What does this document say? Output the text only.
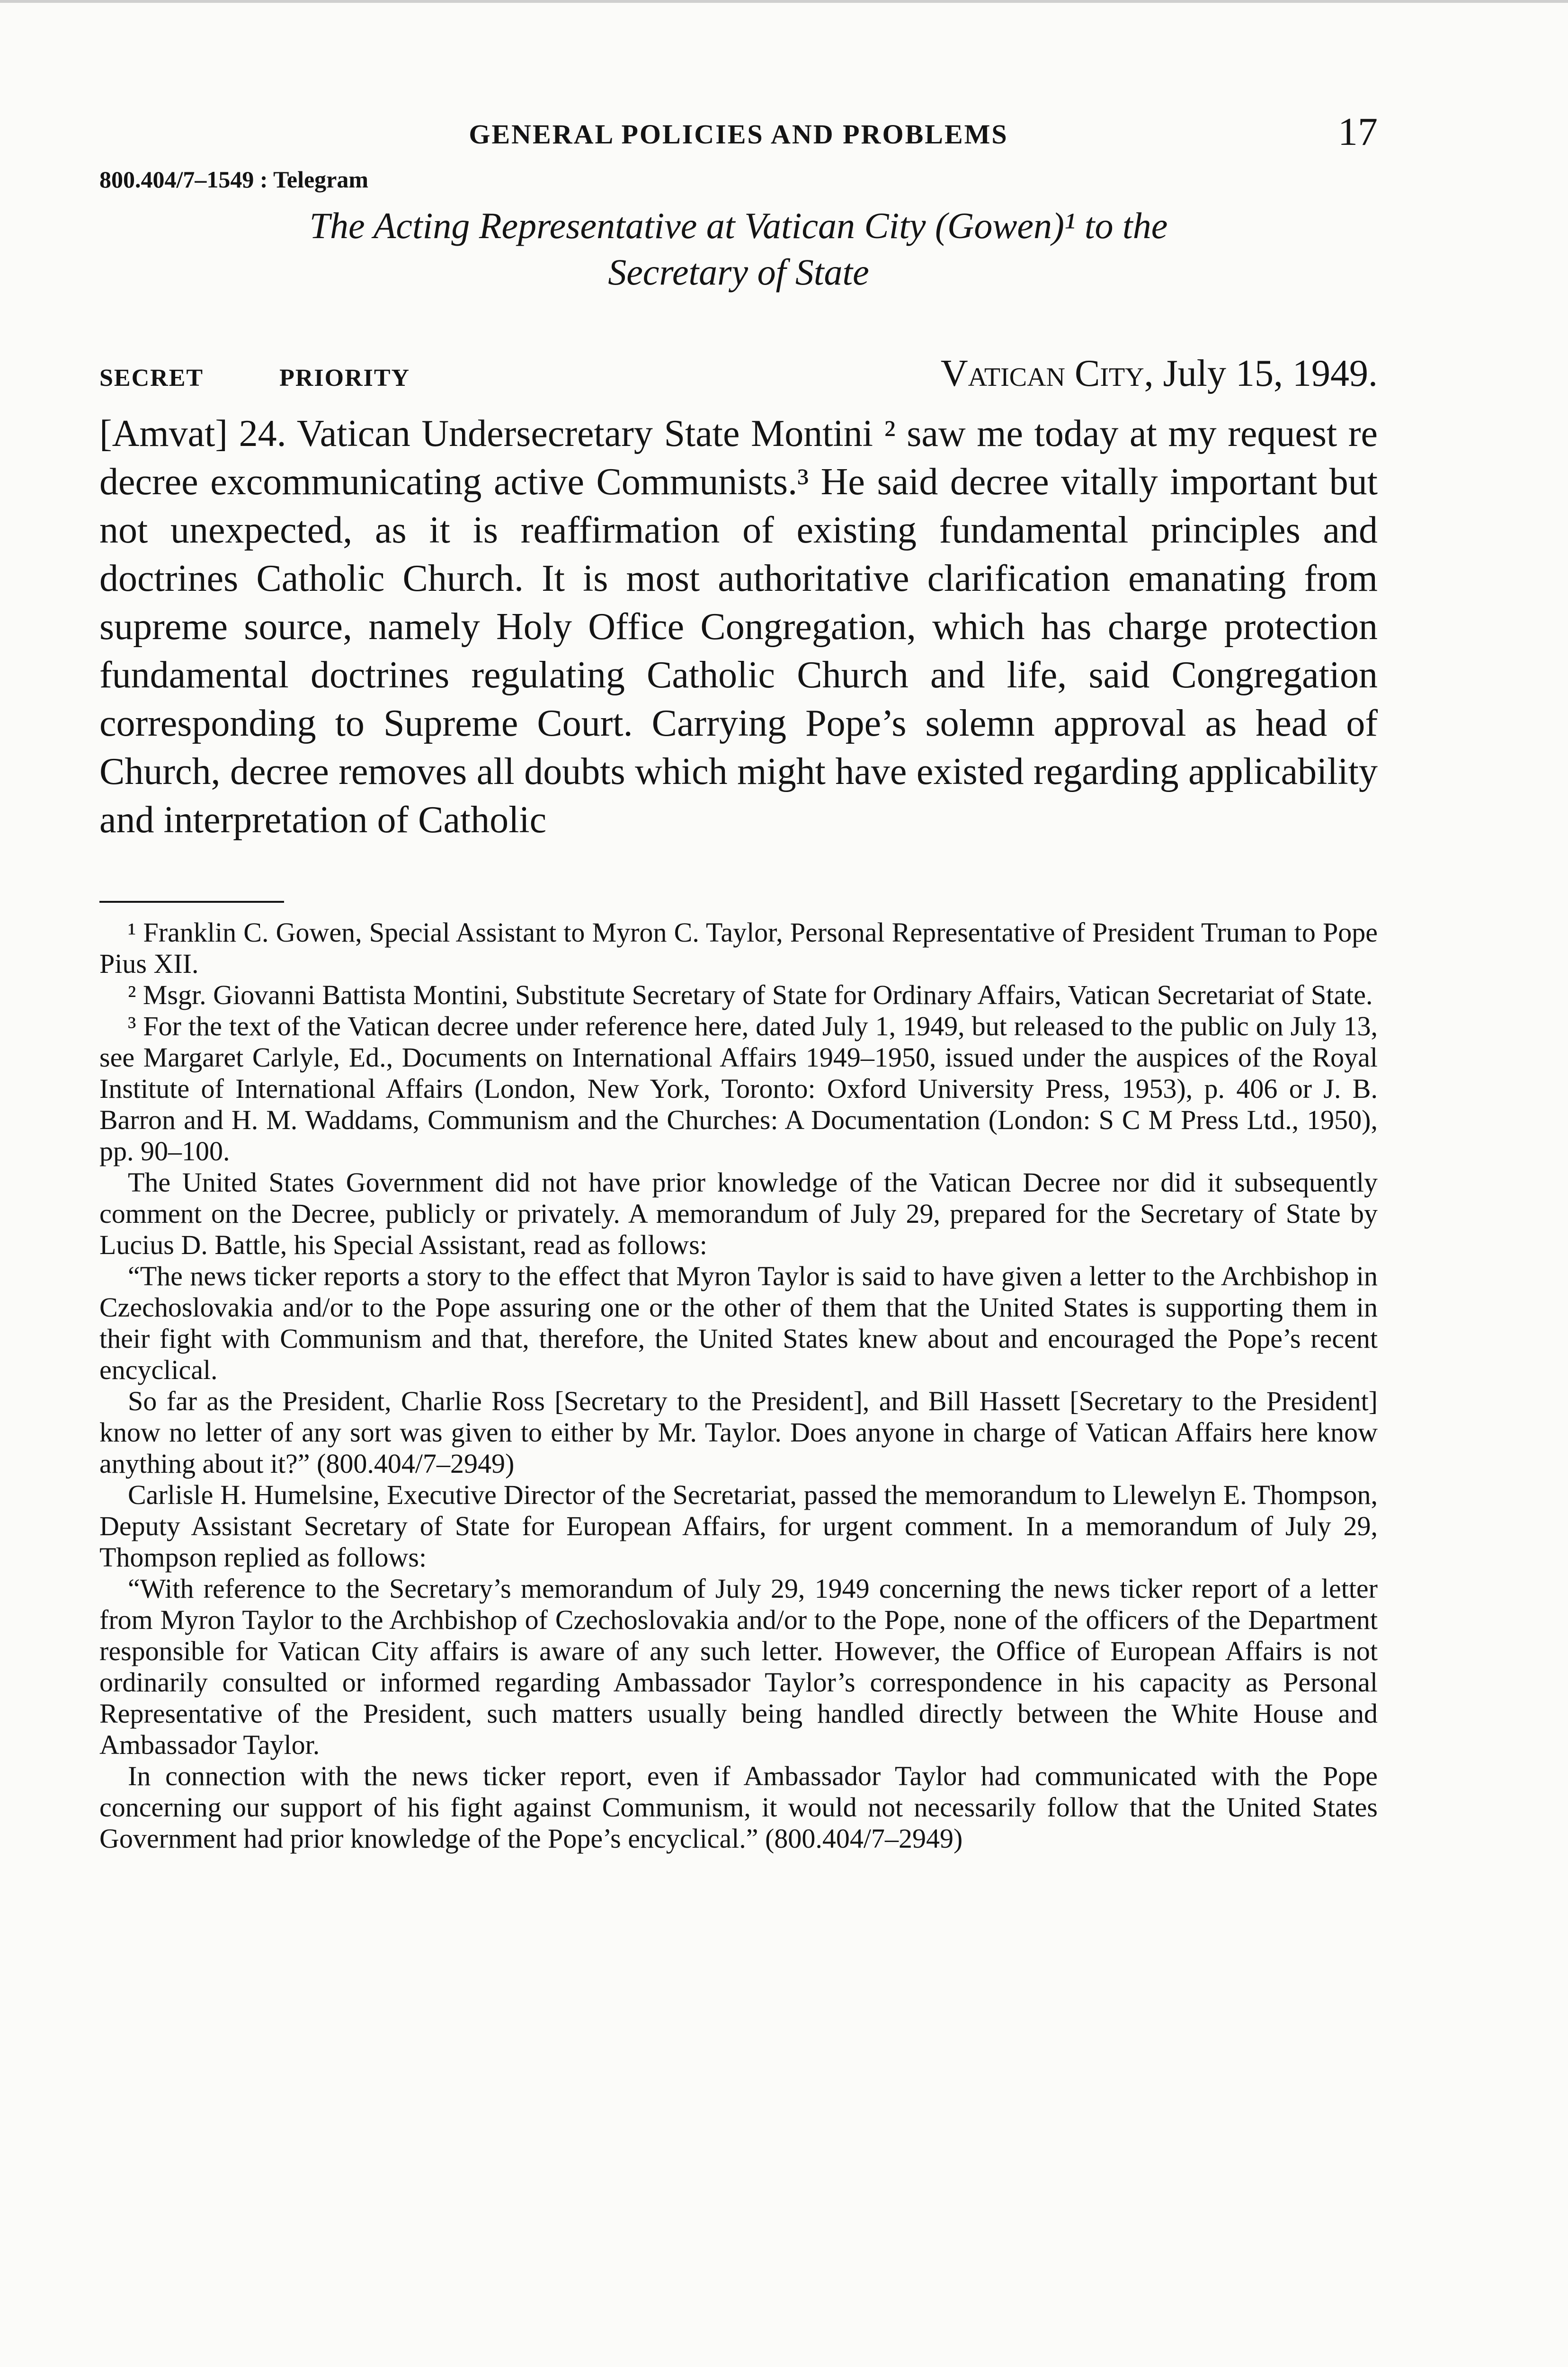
GENERAL POLICIES AND PROBLEMS	17
800.404/7–1549 : Telegram
The Acting Representative at Vatican City (Gowen)¹ to the
Secretary of State
SECRET	PRIORITY	Vatican City, July 15, 1949.

[Amvat] 24. Vatican Undersecretary State Montini ² saw me today at my request re decree excommunicating active Communists.³ He said decree vitally important but not unexpected, as it is reaffirmation of existing fundamental principles and doctrines Catholic Church. It is most authoritative clarification emanating from supreme source, namely Holy Office Congregation, which has charge protection fundamental doctrines regulating Catholic Church and life, said Congregation corresponding to Supreme Court. Carrying Pope’s solemn approval as head of Church, decree removes all doubts which might have existed regarding applicability and interpretation of Catholic

¹ Franklin C. Gowen, Special Assistant to Myron C. Taylor, Personal Representative of President Truman to Pope Pius XII.

² Msgr. Giovanni Battista Montini, Substitute Secretary of State for Ordinary Affairs, Vatican Secretariat of State.

³ For the text of the Vatican decree under reference here, dated July 1, 1949, but released to the public on July 13, see Margaret Carlyle, Ed., Documents on International Affairs 1949–1950, issued under the auspices of the Royal Institute of International Affairs (London, New York, Toronto: Oxford University Press, 1953), p. 406 or J. B. Barron and H. M. Waddams, Communism and the Churches: A Documentation (London: S C M Press Ltd., 1950), pp. 90–100.

The United States Government did not have prior knowledge of the Vatican Decree nor did it subsequently comment on the Decree, publicly or privately. A memorandum of July 29, prepared for the Secretary of State by Lucius D. Battle, his Special Assistant, read as follows:

“The news ticker reports a story to the effect that Myron Taylor is said to have given a letter to the Archbishop in Czechoslovakia and/or to the Pope assuring one or the other of them that the United States is supporting them in their fight with Communism and that, therefore, the United States knew about and encouraged the Pope’s recent encyclical.

So far as the President, Charlie Ross [Secretary to the President], and Bill Hassett [Secretary to the President] know no letter of any sort was given to either by Mr. Taylor. Does anyone in charge of Vatican Affairs here know anything about it?” (800.404/7–2949)

Carlisle H. Humelsine, Executive Director of the Secretariat, passed the memorandum to Llewelyn E. Thompson, Deputy Assistant Secretary of State for European Affairs, for urgent comment. In a memorandum of July 29, Thompson replied as follows:

“With reference to the Secretary’s memorandum of July 29, 1949 concerning the news ticker report of a letter from Myron Taylor to the Archbishop of Czechoslovakia and/or to the Pope, none of the officers of the Department responsible for Vatican City affairs is aware of any such letter. However, the Office of European Affairs is not ordinarily consulted or informed regarding Ambassador Taylor’s correspondence in his capacity as Personal Representative of the President, such matters usually being handled directly between the White House and Ambassador Taylor.

In connection with the news ticker report, even if Ambassador Taylor had communicated with the Pope concerning our support of his fight against Communism, it would not necessarily follow that the United States Government had prior knowledge of the Pope’s encyclical.” (800.404/7–2949)
